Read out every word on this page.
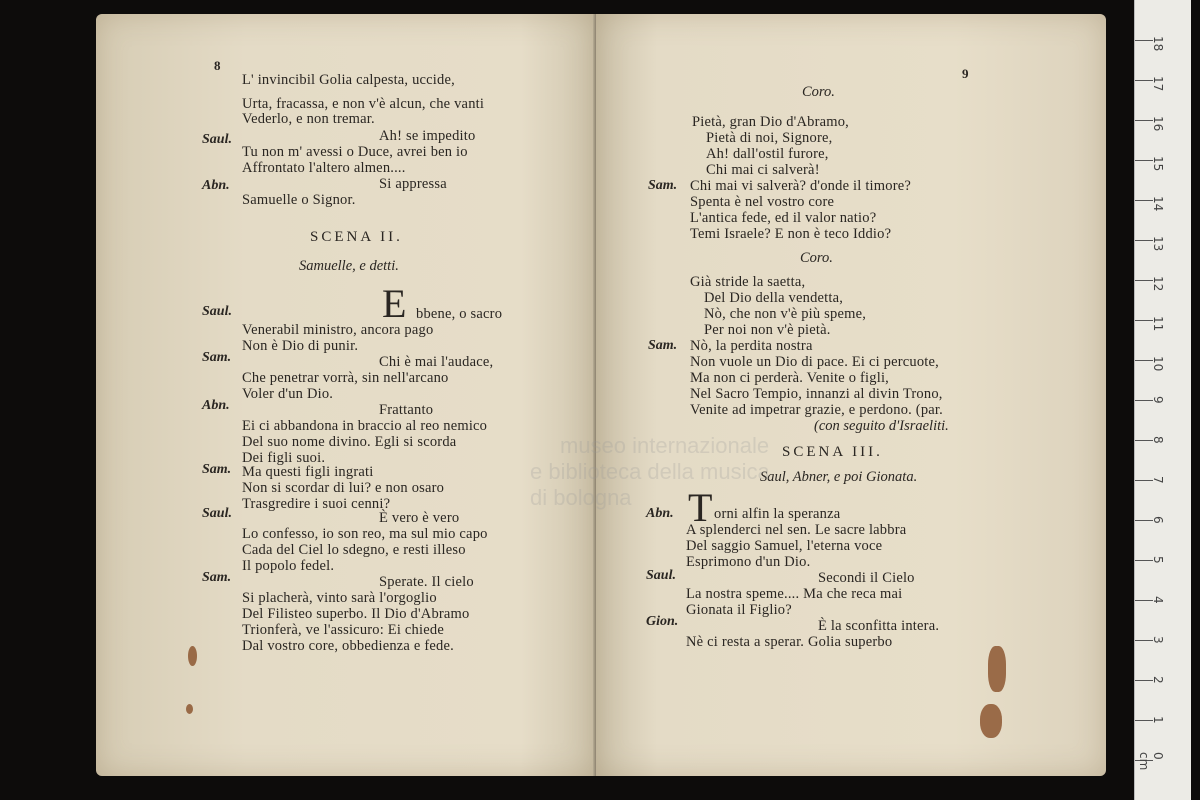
8
Saul.
Abn.
L' invincibil Golia calpesta, uccide,
Urta, fracassa, e non v'è alcun, che vanti
Vederlo, e non tremar.
Ah! se impedito
Tu non m' avessi o Duce, avrei ben io
Affrontato l'altero almen....
Si appressa
Samuelle o Signor.
SCENA II.
Samuelle, e detti.
E
Saul.	bbene, o sacro
Venerabil ministro, ancora pago
Non è Dio di punir.
Sam.	Chi è mai l'audace,
Che penetrar vorrà, sin nell'arcano
Voler d'un Dio.
Abn.	Frattanto
Ei ci abbandona in braccio al reo nemico
Del suo nome divino. Egli si scorda
Dei figli suoi.
Sam. Ma questi figli ingrati
Non si scordar di lui? e non osaro
Trasgredire i suoi cenni?
Saul.	È vero è vero
Lo confesso, io son reo, ma sul mio capo
Cada del Ciel lo sdegno, e resti illeso
Il popolo fedel.
Sam.	Sperate. Il cielo
Si placherà, vinto sarà l'orgoglio
Del Filisteo superbo. Il Dio d'Abramo
Trionferà, ve l'assicuro: Ei chiede
Dal vostro core, obbedienza e fede.
9
Coro.
Pietà, gran Dio d'Abramo,
Pietà di noi, Signore,
Ah! dall'ostil furore,
Chi mai ci salverà!
Sam. Chi mai vi salverà? d'onde il timore?
Spenta è nel vostro core
L'antica fede, ed il valor natio?
Temi Israele? E non è teco Iddio?
Coro.
Già stride la saetta,
Del Dio della vendetta,
Nò, che non v'è più speme,
Per noi non v'è pietà.
Sam. Nò, la perdita nostra
Non vuole un Dio di pace. Ei ci percuote,
Ma non ci perderà. Venite o figli,
Nel Sacro Tempio, innanzi al divin Trono,
Venite ad impetrar grazie, e perdono. (par.
(con seguito d'Israeliti.
SCENA III.
Saul, Abner, e poi Gionata.
T
Abn.	orni alfin la speranza
A splenderci nel sen. Le sacre labbra
Del saggio Samuel, l'eterna voce
Esprimono d'un Dio.
Saul.	Secondi il Cielo
La nostra speme.... Ma che reca mai
Gionata il Figlio?
Gion.	È la sconfitta intera.
Nè ci resta a sperar. Golia superbo
museo internazionale
e biblioteca della musica
di bologna
18
17
16
15
14
13
12
11
10
9
8
7
6
5
4
3
2
1
0 cm
